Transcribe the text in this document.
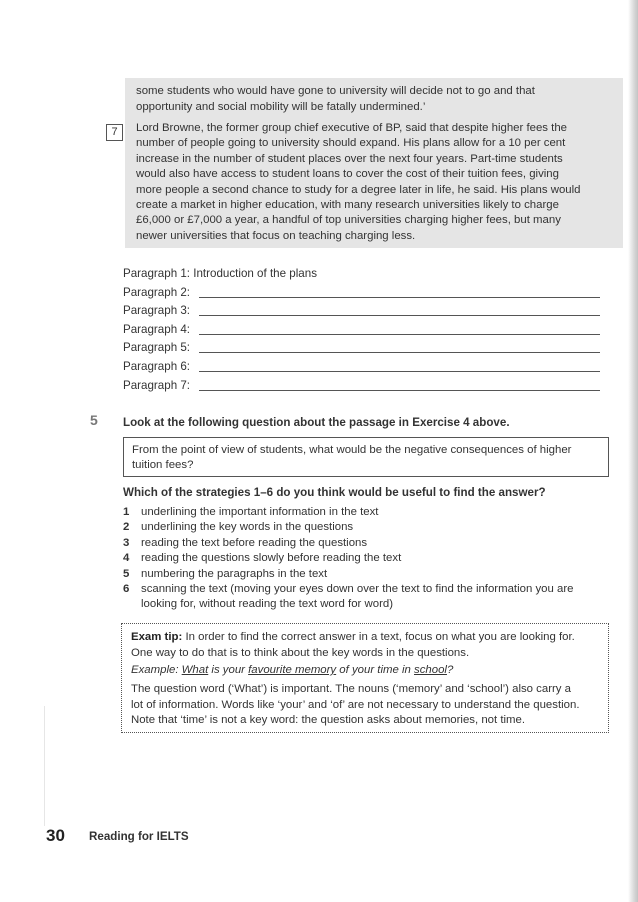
some students who would have gone to university will decide not to go and that

opportunity and social mobility will be fatally undermined.’

Lord Browne, the former group chief executive of BP, said that despite higher fees the

number of people going to university should expand. His plans allow for a 10 per cent

increase in the number of student places over the next four years. Part-time students

would also have access to student loans to cover the cost of their tuition fees, giving

more people a second chance to study for a degree later in life, he said. His plans would

create a market in higher education, with many research universities likely to charge

£6,000 or £7,000 a year, a handful of top universities charging higher fees, but many

newer universities that focus on teaching charging less.

7
Paragraph 1: Introduction of the plans
Paragraph 2:
Paragraph 3:
Paragraph 4:
Paragraph 5:
Paragraph 6:
Paragraph 7:
5 Look at the following question about the passage in Exercise 4 above.
From the point of view of students, what would be the negative consequences of higher
tuition fees?
Which of the strategies 1–6 do you think would be useful to find the answer?
1 underlining the important information in the text
2 underlining the key words in the questions
3 reading the text before reading the questions
4 reading the questions slowly before reading the text
5 numbering the paragraphs in the text
6 scanning the text (moving your eyes down over the text to find the information you are looking for, without reading the text word for word)
Exam tip: In order to find the correct answer in a text, focus on what you are looking for.
One way to do that is to think about the key words in the questions.
Example: What is your favourite memory of your time in school?
The question word (‘What’) is important. The nouns (‘memory’ and ‘school’) also carry a
lot of information. Words like ‘your’ and ‘of’ are not necessary to understand the question.
Note that ‘time’ is not a key word: the question asks about memories, not time.
30 Reading for IELTS
